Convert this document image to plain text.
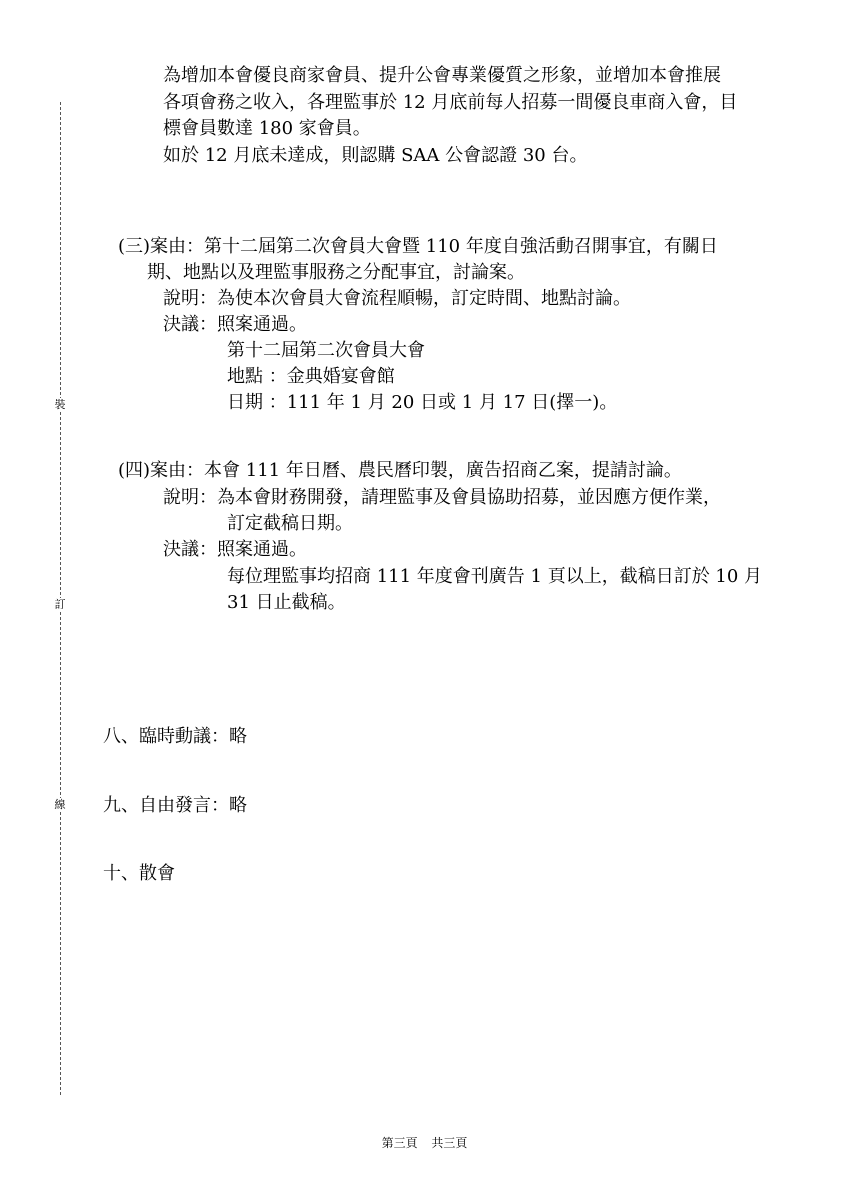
裝
訂
線
為增加本會優良商家會員、提升公會專業優質之形象，並增加本會推展
各項會務之收入，各理監事於 12 月底前每人招募一間優良車商入會，目
標會員數達 180 家會員。
如於 12 月底未達成，則認購 SAA 公會認證 30 台。
(三)案由：第十二屆第二次會員大會暨 110 年度自強活動召開事宜，有關日
期、地點以及理監事服務之分配事宜，討論案。
說明：為使本次會員大會流程順暢，訂定時間、地點討論。
決議：照案通過。
第十二屆第二次會員大會
地點 ：金典婚宴會館
日期 ：111 年 1 月 20 日或 1 月 17 日(擇一)。
(四)案由：本會 111 年日曆、農民曆印製，廣告招商乙案，提請討論。
說明：為本會財務開發，請理監事及會員協助招募，並因應方便作業，
訂定截稿日期。
決議：照案通過。
每位理監事均招商 111 年度會刊廣告 1 頁以上，截稿日訂於 10 月
31 日止截稿。
八、臨時動議：略
九、自由發言：略
十、散會
第三頁 共三頁
